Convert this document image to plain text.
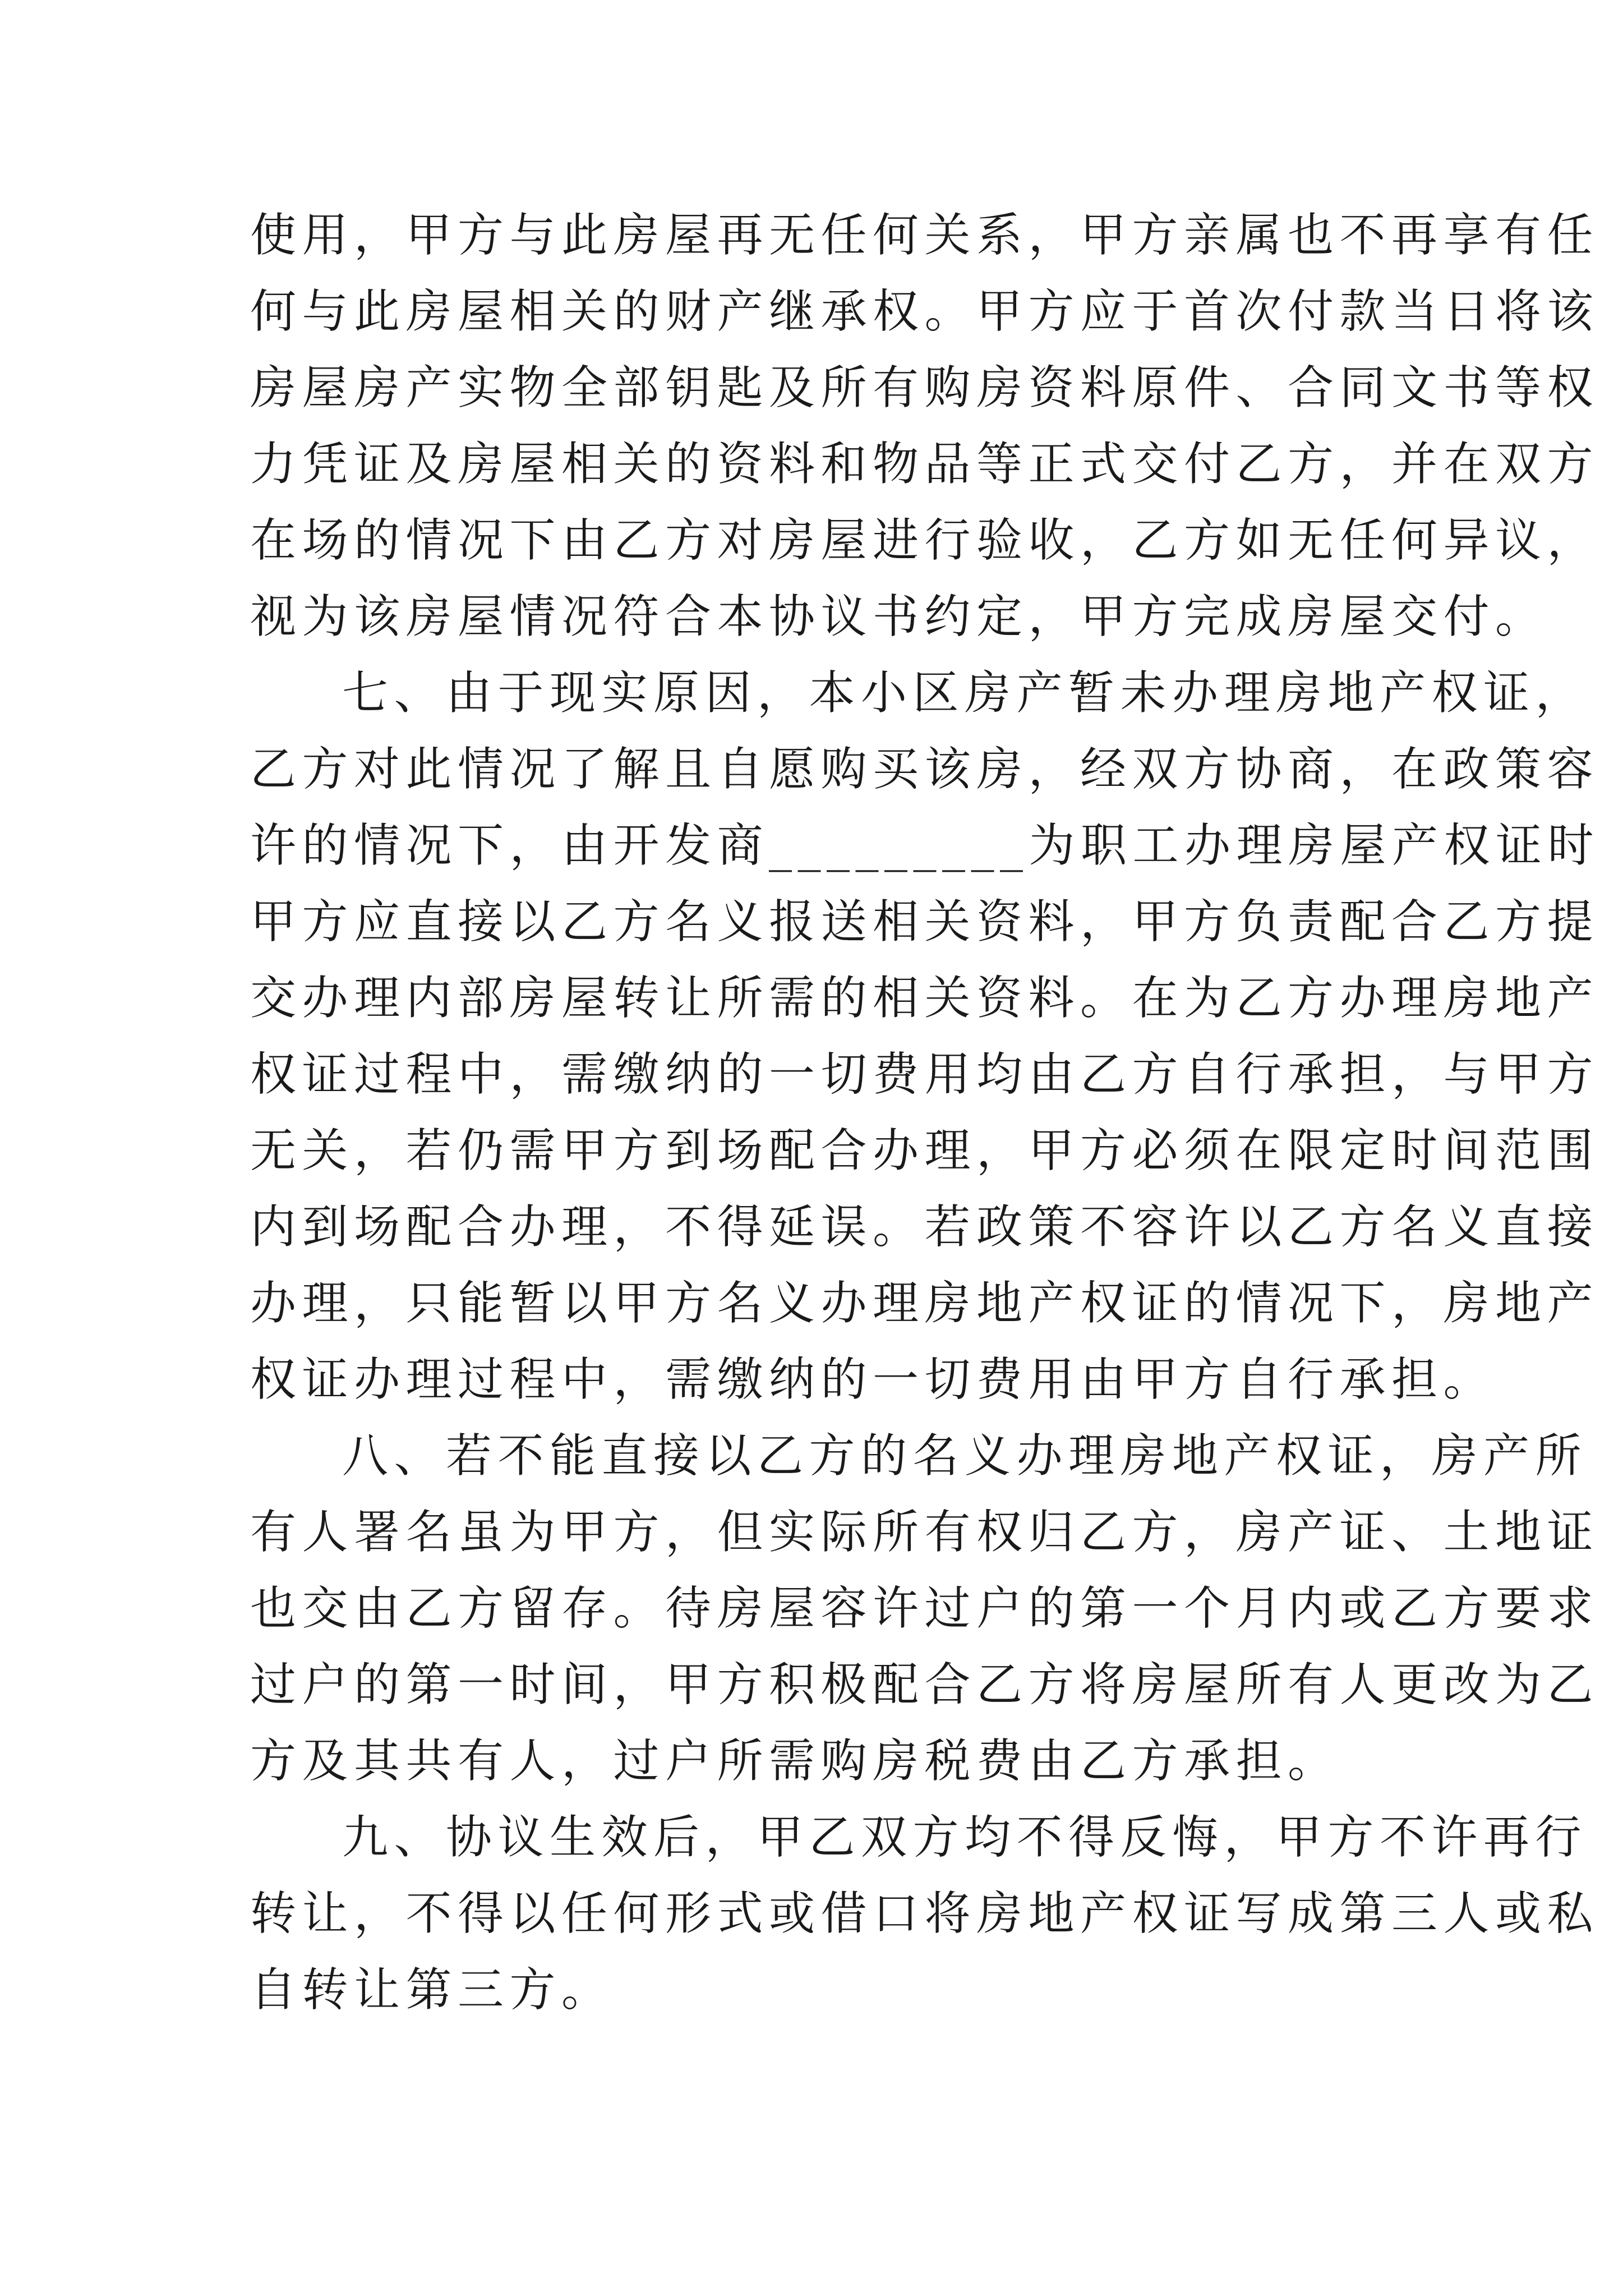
使用，甲方与此房屋再无任何关系，甲方亲属也不再享有任
何与此房屋相关的财产继承权。甲方应于首次付款当日将该
房屋房产实物全部钥匙及所有购房资料原件、合同文书等权
力凭证及房屋相关的资料和物品等正式交付乙方，并在双方
在场的情况下由乙方对房屋进行验收，乙方如无任何异议，
视为该房屋情况符合本协议书约定，甲方完成房屋交付。
七、由于现实原因，本小区房产暂未办理房地产权证，
乙方对此情况了解且自愿购买该房，经双方协商，在政策容
许的情况下，由开发商_________为职工办理房屋产权证时
甲方应直接以乙方名义报送相关资料，甲方负责配合乙方提
交办理内部房屋转让所需的相关资料。在为乙方办理房地产
权证过程中，需缴纳的一切费用均由乙方自行承担，与甲方
无关，若仍需甲方到场配合办理，甲方必须在限定时间范围
内到场配合办理，不得延误。若政策不容许以乙方名义直接
办理，只能暂以甲方名义办理房地产权证的情况下，房地产
权证办理过程中，需缴纳的一切费用由甲方自行承担。
八、若不能直接以乙方的名义办理房地产权证，房产所
有人署名虽为甲方，但实际所有权归乙方，房产证、土地证
也交由乙方留存。待房屋容许过户的第一个月内或乙方要求
过户的第一时间，甲方积极配合乙方将房屋所有人更改为乙
方及其共有人，过户所需购房税费由乙方承担。
九、协议生效后，甲乙双方均不得反悔，甲方不许再行
转让，不得以任何形式或借口将房地产权证写成第三人或私
自转让第三方。
